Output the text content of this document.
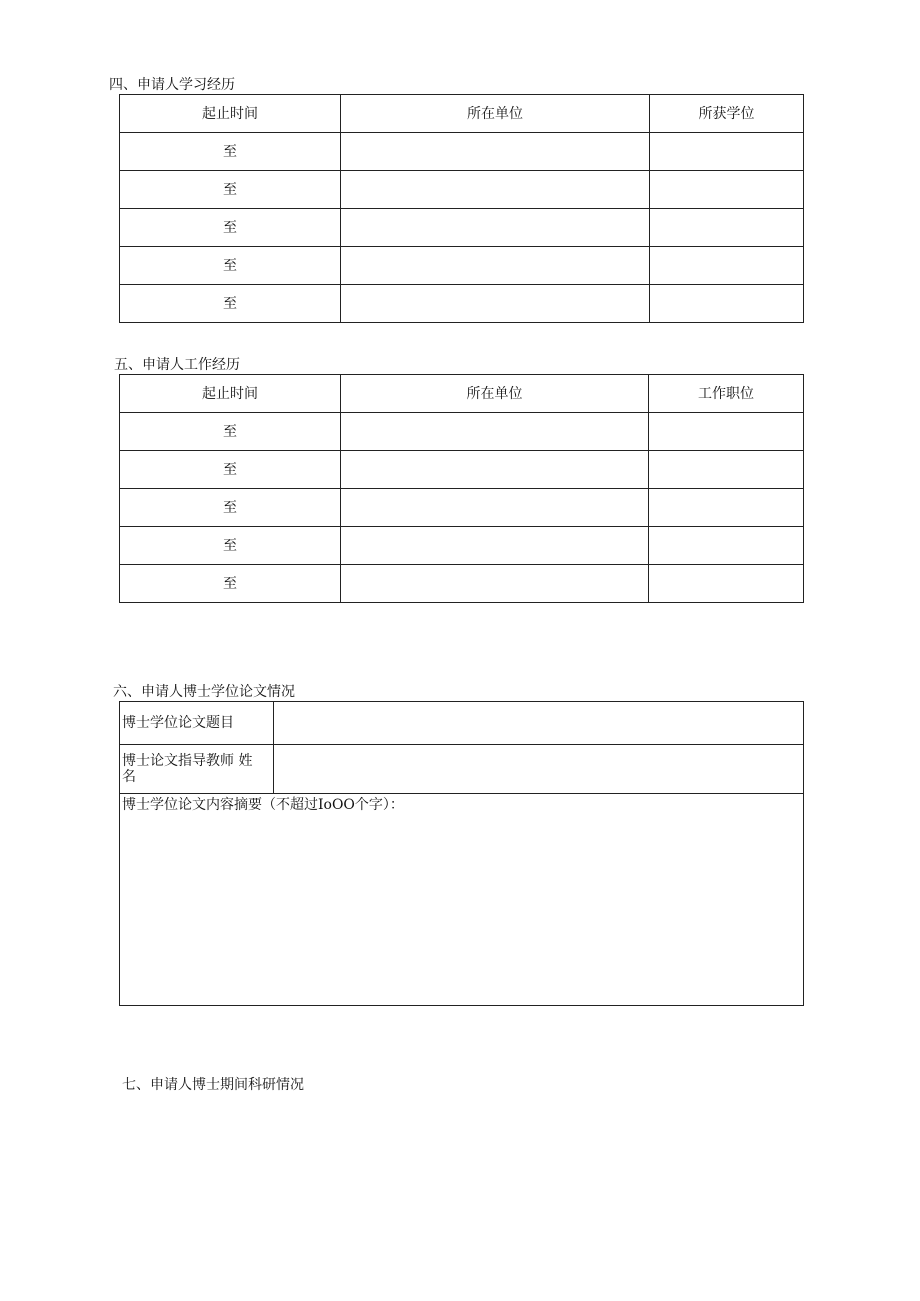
四、申请人学习经历
起止时间	所在单位	所获学位
至		
至		
至		
至		
至		
五、申请人工作经历
起止时间	所在单位	工作职位
至		
至		
至		
至		
至		
六、申请人博士学位论文情况
博士学位论文题目	

博士论文指导教师 姓
名	

博士学位论文内容摘要（不超过IoOO个字）：	
七、申请人博士期间科研情况
